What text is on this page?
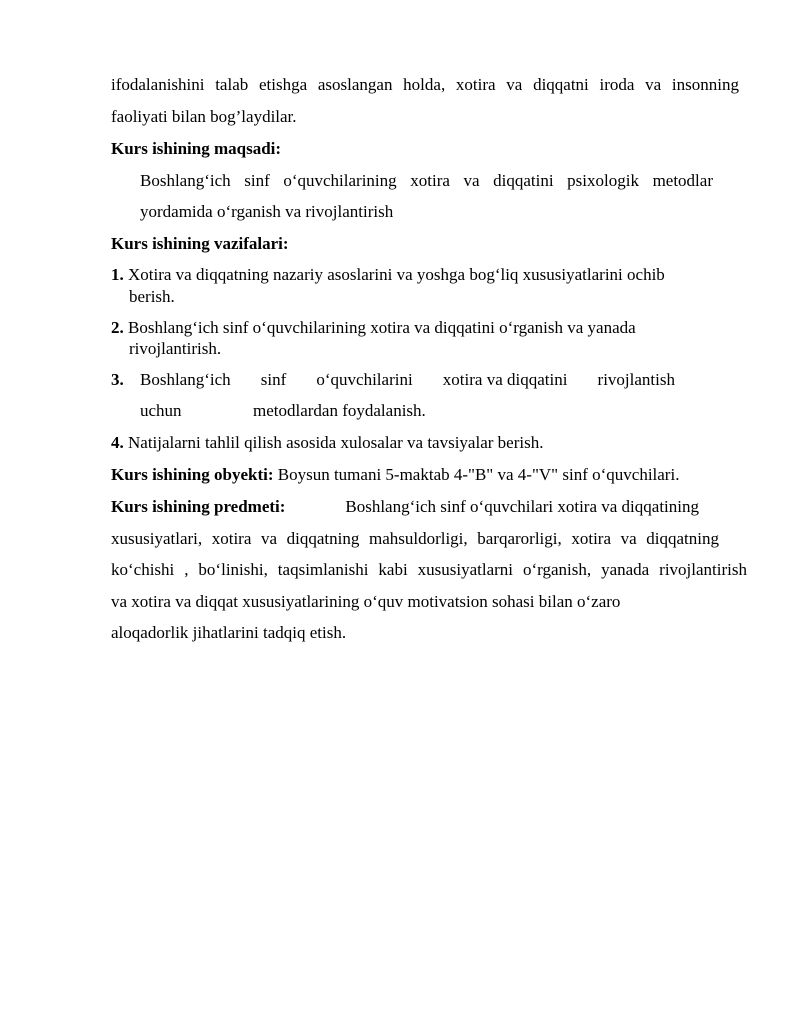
ifodalanishini talab etishga asoslangan holda, xotira va diqqatni iroda va insonning
faoliyati bilan bog’laydilar.
Kurs ishining maqsadi:
Boshlang‘ich sinf o‘quvchilarining xotira va diqqatini psixologik metodlar
yordamida o‘rganish va rivojlantirish
Kurs ishining vazifalari:
1. Xotira va diqqatning nazariy asoslarini va yoshga bog‘liq xususiyatlarini ochib
berish.
2. Boshlang‘ich sinf o‘quvchilarining xotira va diqqatini o‘rganish va yanada
rivojlantirish.
3. Boshlang‘ich sinf o‘quvchilarini xotira va diqqatini rivojlantish
uchun	metodlardan foydalanish.
4. Natijalarni tahlil qilish asosida xulosalar va tavsiyalar berish.
Kurs ishining obyekti: Boysun tumani 5-maktab 4-"B" va 4-"V" sinf o‘quvchilari.
Kurs ishining predmeti:	Boshlang‘ich sinf o‘quvchilari xotira va diqqatining
xususiyatlari, xotira va diqqatning mahsuldorligi, barqarorligi, xotira va diqqatning
ko‘chishi , bo‘linishi, taqsimlanishi kabi xususiyatlarni o‘rganish, yanada rivojlantirish
va xotira va diqqat xususiyatlarining o‘quv motivatsion sohasi bilan o‘zaro
aloqadorlik jihatlarini tadqiq etish.
